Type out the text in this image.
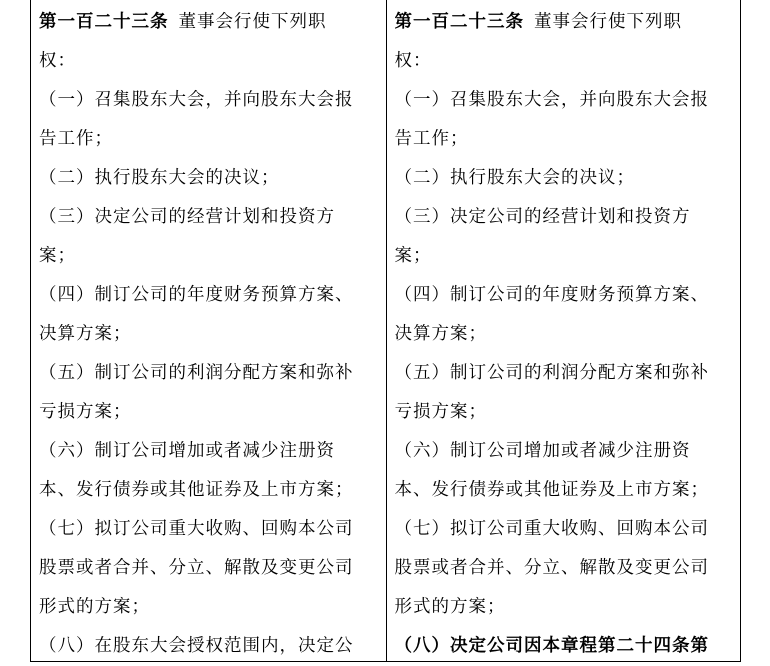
第一百二十三条 董事会行使下列职
权：
（一）召集股东大会，并向股东大会报
告工作；
（二）执行股东大会的决议；
（三）决定公司的经营计划和投资方
案；
（四）制订公司的年度财务预算方案、
决算方案；
（五）制订公司的利润分配方案和弥补
亏损方案；
（六）制订公司增加或者减少注册资
本、发行债券或其他证券及上市方案；
（七）拟订公司重大收购、回购本公司
股票或者合并、分立、解散及变更公司
形式的方案；
（八）在股东大会授权范围内，决定公
第一百二十三条 董事会行使下列职
权：
（一）召集股东大会，并向股东大会报
告工作；
（二）执行股东大会的决议；
（三）决定公司的经营计划和投资方
案；
（四）制订公司的年度财务预算方案、
决算方案；
（五）制订公司的利润分配方案和弥补
亏损方案；
（六）制订公司增加或者减少注册资
本、发行债券或其他证券及上市方案；
（七）拟订公司重大收购、回购本公司
股票或者合并、分立、解散及变更公司
形式的方案；
（八）决定公司因本章程第二十四条第
